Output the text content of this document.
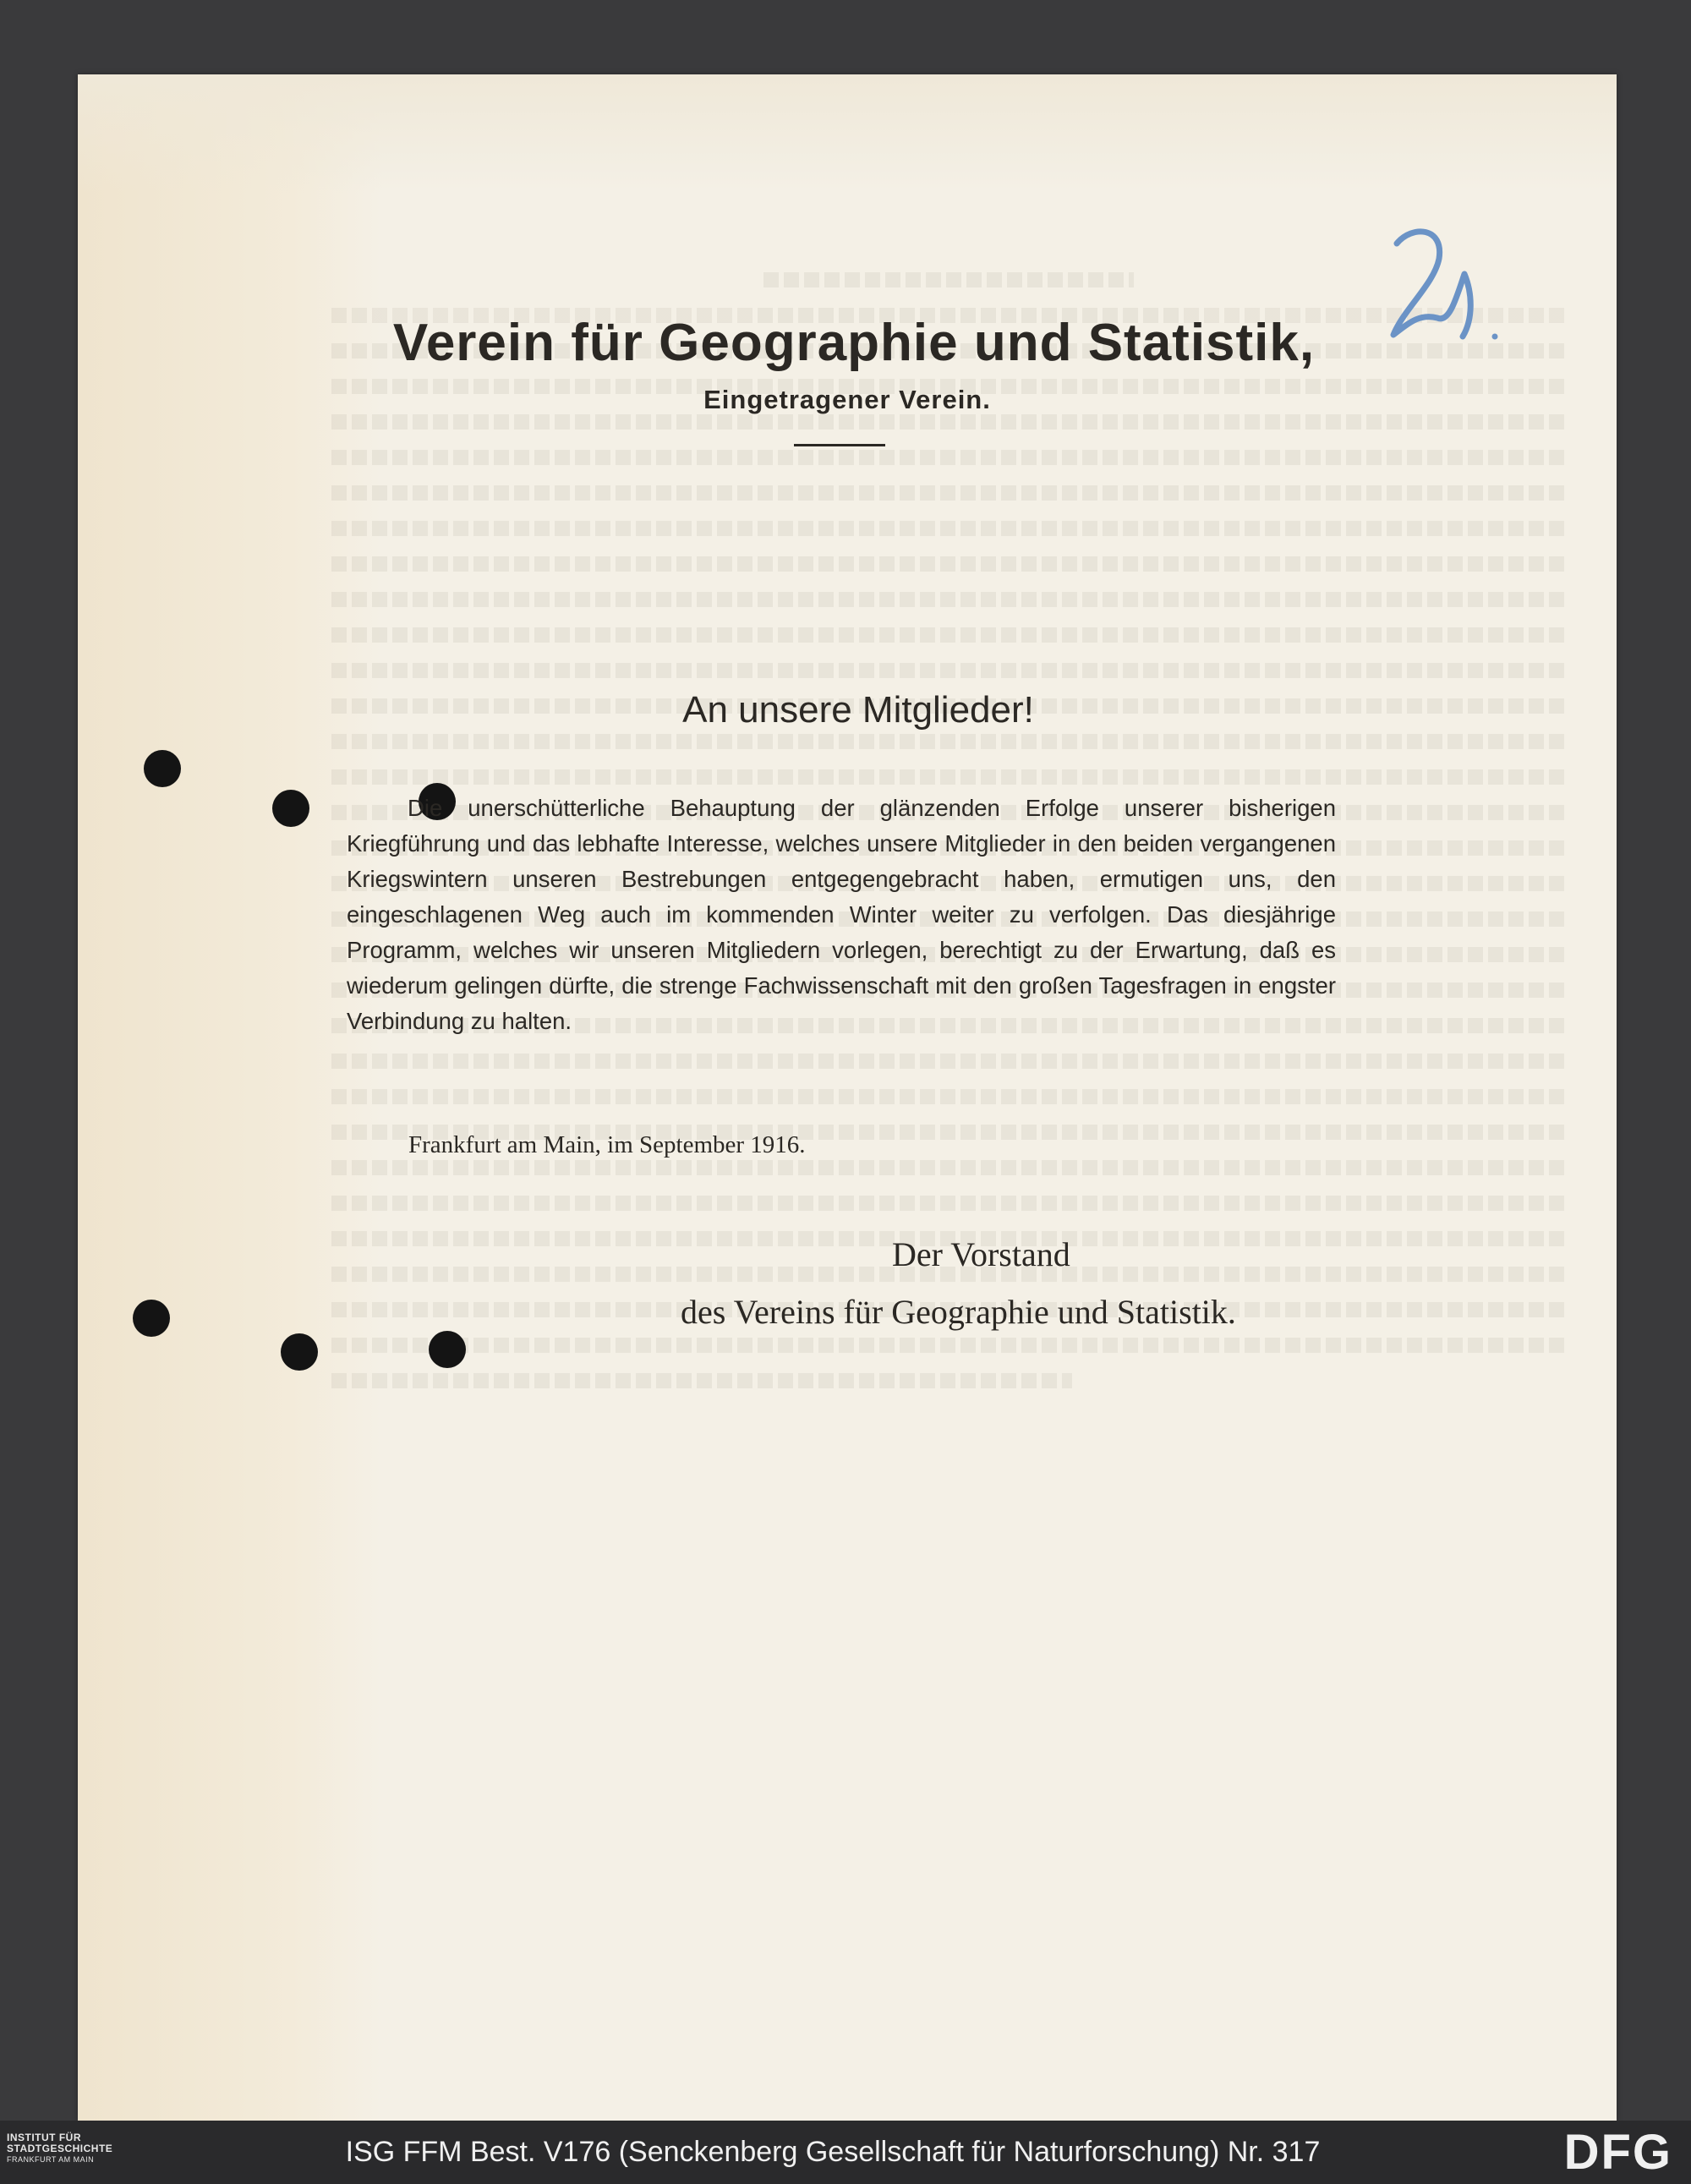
Verein für Geographie und Statistik,
Eingetragener Verein.
An unsere Mitglieder!
Die unerschütterliche Behauptung der glänzenden Erfolge unserer bisherigen Kriegführung und das lebhafte Interesse, welches unsere Mitglieder in den beiden vergangenen Kriegswintern unseren Bestrebungen entgegengebracht haben, ermutigen uns, den eingeschlagenen Weg auch im kommenden Winter weiter zu verfolgen. Das diesjährige Programm, welches wir unseren Mitgliedern vorlegen, berechtigt zu der Erwartung, daß es wiederum gelingen dürfte, die strenge Fachwissenschaft mit den großen Tagesfragen in engster Verbindung zu halten.
Frankfurt am Main, im September 1916.
Der Vorstand
des Vereins für Geographie und Statistik.
INSTITUT FÜR
STADTGESCHICHTE
FRANKFURT AM MAIN	ISG FFM Best. V176 (Senckenberg Gesellschaft für Naturforschung) Nr. 317	DFG
